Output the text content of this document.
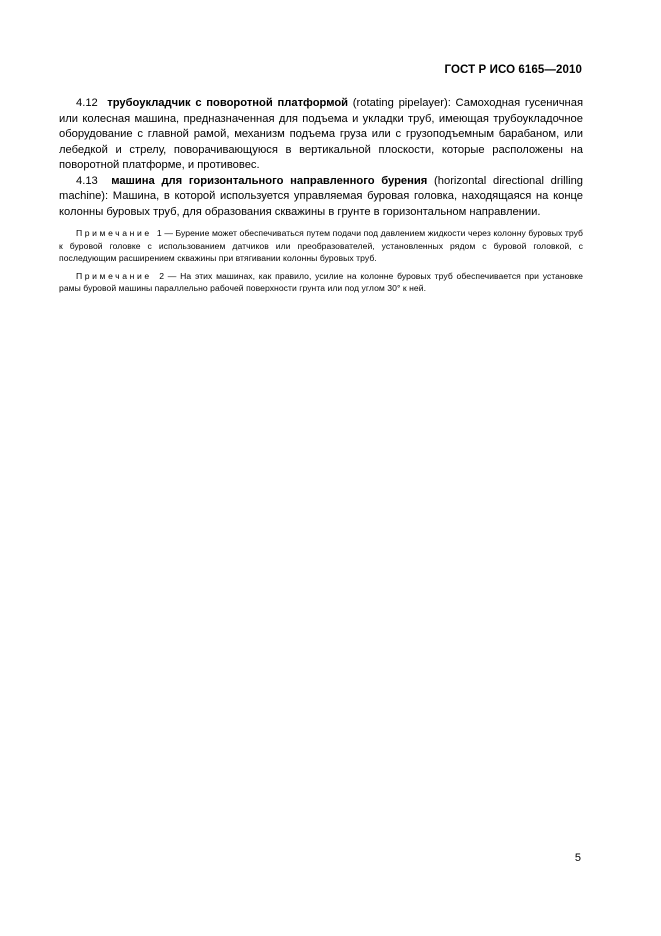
ГОСТ Р ИСО 6165—2010

4.12 трубоукладчик с поворотной платформой (rotating pipelayer): Самоходная гусеничная или колесная машина, предназначенная для подъема и укладки труб, имеющая трубоукладочное оборудование с главной рамой, механизм подъема груза или с грузоподъемным барабаном, или лебедкой и стрелу, поворачивающуюся в вертикальной плоскости, которые расположены на поворотной платформе, и противовес.

4.13 машина для горизонтального направленного бурения (horizontal directional drilling machine): Машина, в которой используется управляемая буровая головка, находящаяся на конце колонны буровых труб, для образования скважины в грунте в горизонтальном направлении.

Примечание 1 — Бурение может обеспечиваться путем подачи под давлением жидкости через колонну буровых труб к буровой головке с использованием датчиков или преобразователей, установленных рядом с буровой головкой, с последующим расширением скважины при втягивании колонны буровых труб.

Примечание 2 — На этих машинах, как правило, усилие на колонне буровых труб обеспечивается при установке рамы буровой машины параллельно рабочей поверхности грунта или под углом 30° к ней.

5
